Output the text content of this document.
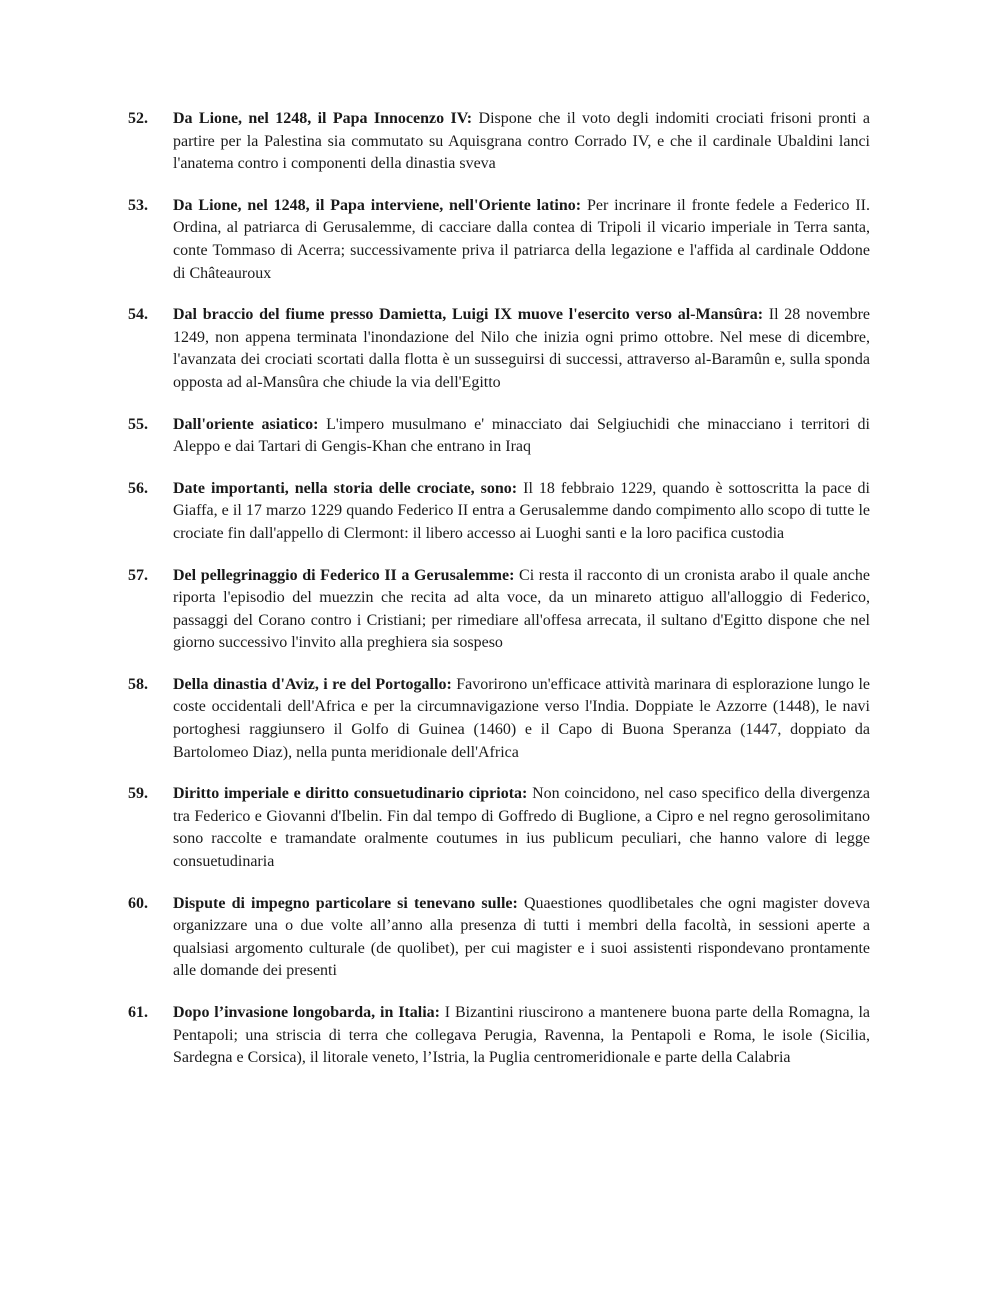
52.	Da Lione, nel 1248, il Papa Innocenzo IV: Dispone che il voto degli indomiti crociati frisoni pronti a partire per la Palestina sia commutato su Aquisgrana contro Corrado IV, e che il cardinale Ubaldini lanci l'anatema contro i componenti della dinastia sveva
53.	Da Lione, nel 1248, il Papa interviene, nell'Oriente latino: Per incrinare il fronte fedele a Federico II. Ordina, al patriarca di Gerusalemme, di cacciare dalla contea di Tripoli il vicario imperiale in Terra santa, conte Tommaso di Acerra; successivamente priva il patriarca della legazione e l'affida al cardinale Oddone di Châteauroux
54.	Dal braccio del fiume presso Damietta, Luigi IX muove l'esercito verso al-Mansûra: Il 28 novembre 1249, non appena terminata l'inondazione del Nilo che inizia ogni primo ottobre. Nel mese di dicembre, l'avanzata dei crociati scortati dalla flotta è un susseguirsi di successi, attraverso al-Baramûn e, sulla sponda opposta ad al-Mansûra che chiude la via dell'Egitto
55.	Dall'oriente asiatico: L'impero musulmano e' minacciato dai Selgiuchidi che minacciano i territori di Aleppo e dai Tartari di Gengis-Khan che entrano in Iraq
56.	Date importanti, nella storia delle crociate, sono: Il 18 febbraio 1229, quando è sottoscritta la pace di Giaffa, e il 17 marzo 1229 quando Federico II entra a Gerusalemme dando compimento allo scopo di tutte le crociate fin dall'appello di Clermont: il libero accesso ai Luoghi santi e la loro pacifica custodia
57.	Del pellegrinaggio di Federico II a Gerusalemme: Ci resta il racconto di un cronista arabo il quale anche riporta l'episodio del muezzin che recita ad alta voce, da un minareto attiguo all'alloggio di Federico, passaggi del Corano contro i Cristiani; per rimediare all'offesa arrecata, il sultano d'Egitto dispone che nel giorno successivo l'invito alla preghiera sia sospeso
58.	Della dinastia d'Aviz, i re del Portogallo: Favorirono un'efficace attività marinara di esplorazione lungo le coste occidentali dell'Africa e per la circumnavigazione verso l'India. Doppiate le Azzorre (1448), le navi portoghesi raggiunsero il Golfo di Guinea (1460) e il Capo di Buona Speranza (1447, doppiato da Bartolomeo Diaz), nella punta meridionale dell'Africa
59.	Diritto imperiale e diritto consuetudinario cipriota: Non coincidono, nel caso specifico della divergenza tra Federico e Giovanni d'Ibelin. Fin dal tempo di Goffredo di Buglione, a Cipro e nel regno gerosolimitano sono raccolte e tramandate oralmente coutumes in ius publicum peculiari, che hanno valore di legge consuetudinaria
60.	Dispute di impegno particolare si tenevano sulle: Quaestiones quodlibetales che ogni magister doveva organizzare una o due volte all’anno alla presenza di tutti i membri della facoltà, in sessioni aperte a qualsiasi argomento culturale (de quolibet), per cui magister e i suoi assistenti rispondevano prontamente alle domande dei presenti
61.	Dopo l’invasione longobarda, in Italia: I Bizantini riuscirono a mantenere buona parte della Romagna, la Pentapoli; una striscia di terra che collegava Perugia, Ravenna, la Pentapoli e Roma, le isole (Sicilia, Sardegna e Corsica), il litorale veneto, l’Istria, la Puglia centromeridionale e parte della Calabria
